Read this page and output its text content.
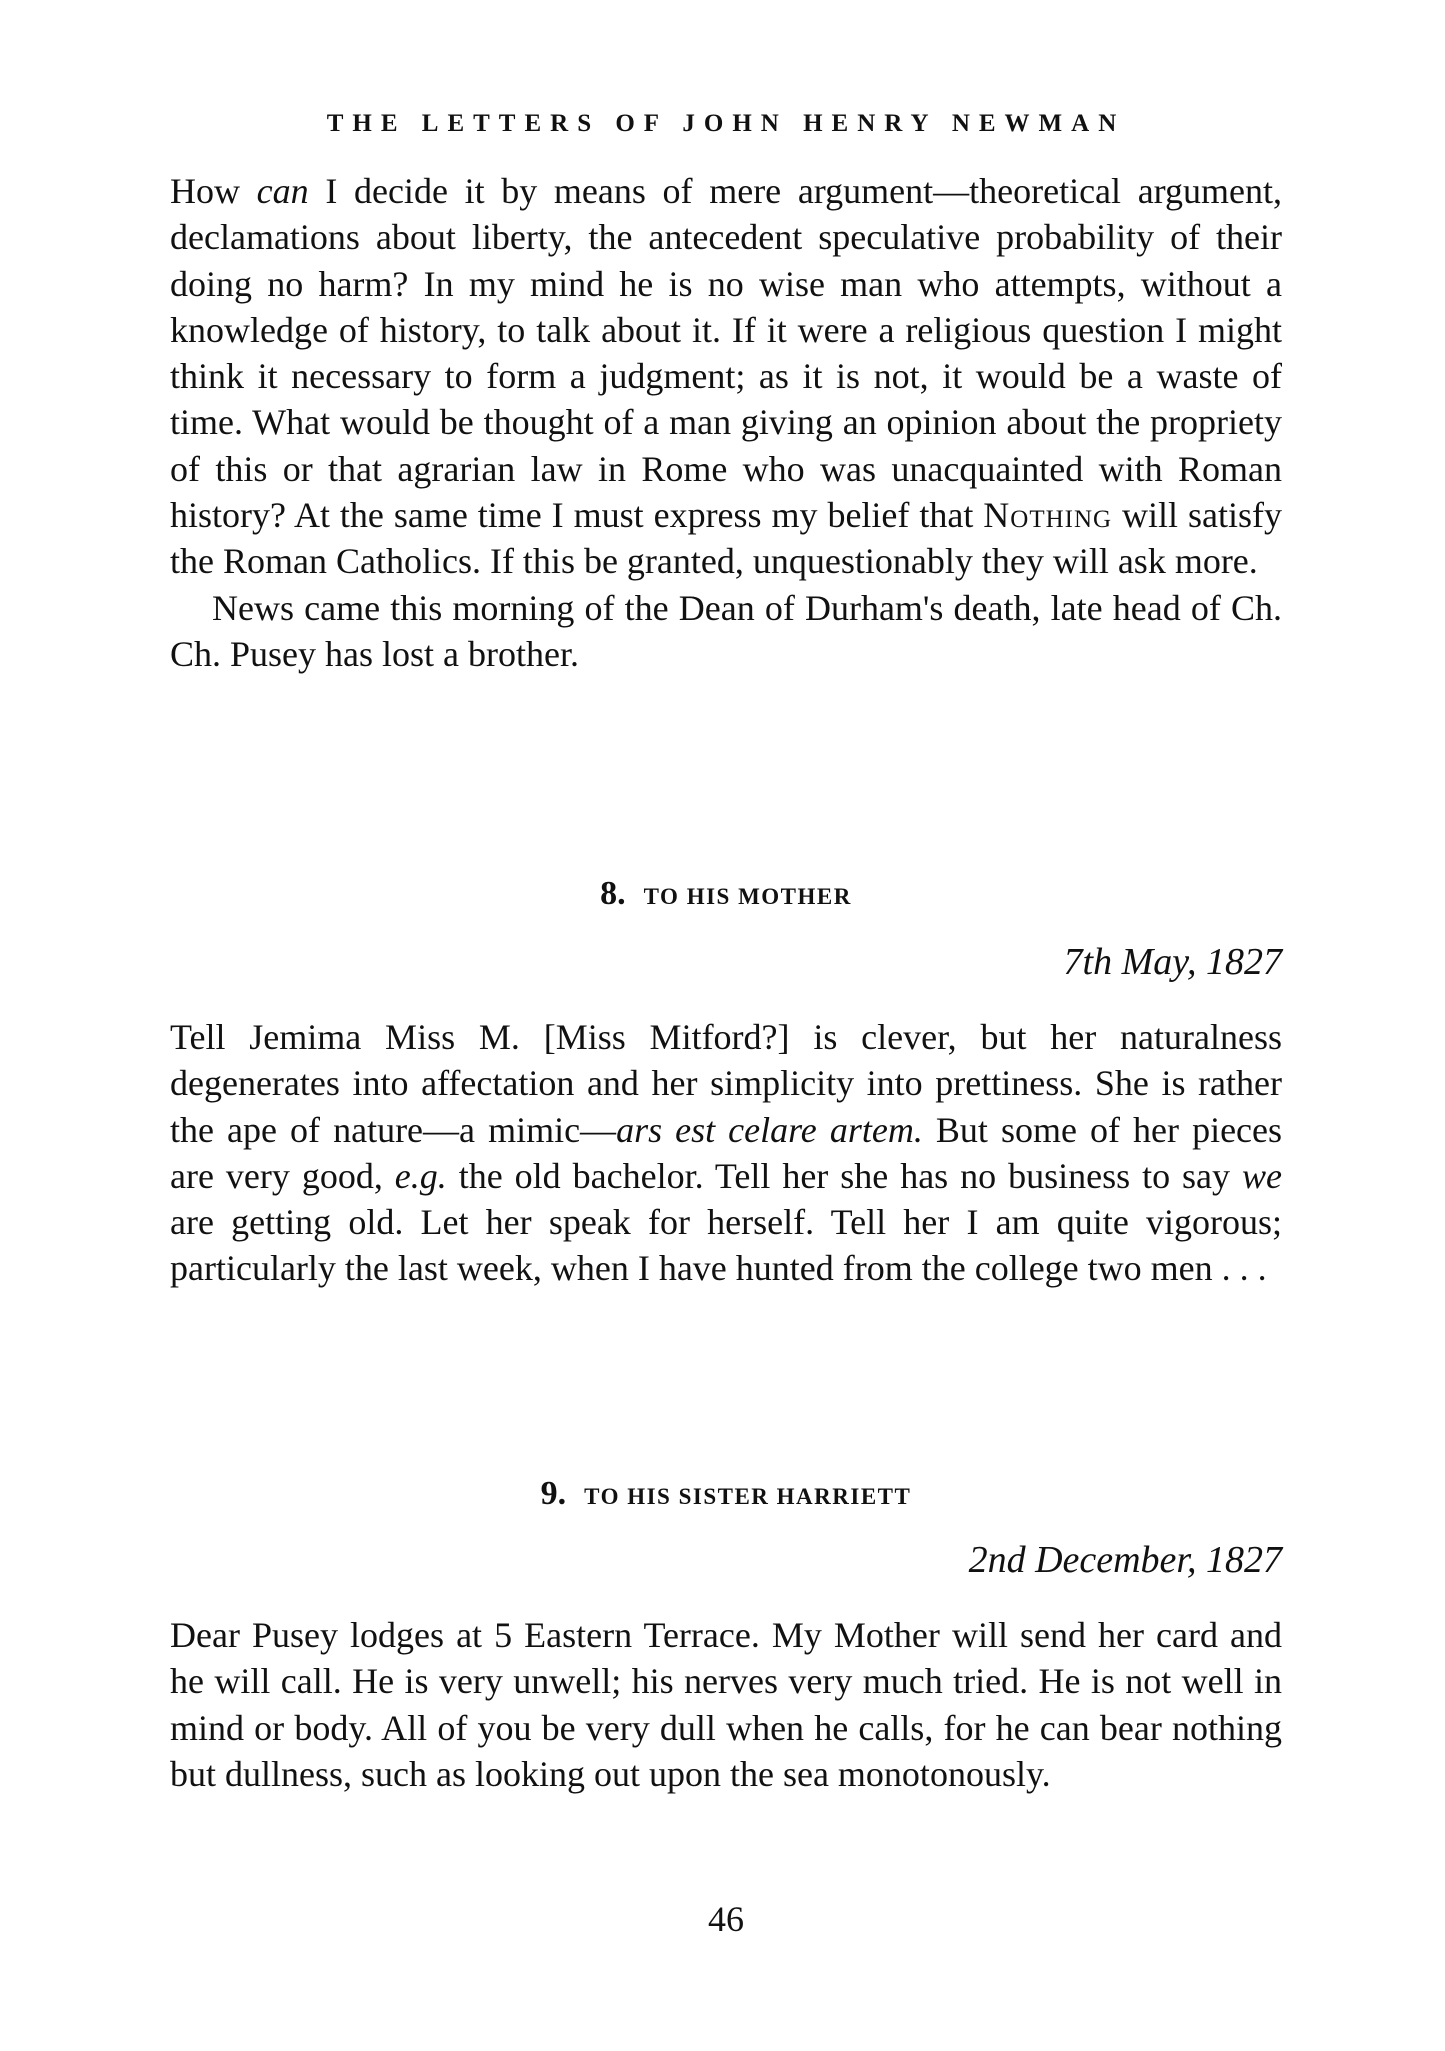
THE LETTERS OF JOHN HENRY NEWMAN

How can I decide it by means of mere argument—theoretical argument, declamations about liberty, the antecedent speculative probability of their doing no harm? In my mind he is no wise man who attempts, without a knowledge of history, to talk about it. If it were a religious question I might think it necessary to form a judgment; as it is not, it would be a waste of time. What would be thought of a man giving an opinion about the propriety of this or that agrarian law in Rome who was unacquainted with Roman history? At the same time I must express my belief that Nothing will satisfy the Roman Catholics. If this be granted, unquestionably they will ask more.

News came this morning of the Dean of Durham's death, late head of Ch. Ch. Pusey has lost a brother.

8. TO HIS MOTHER
7th May, 1827

Tell Jemima Miss M. [Miss Mitford?] is clever, but her naturalness degenerates into affectation and her simplicity into prettiness. She is rather the ape of nature—a mimic—ars est celare artem. But some of her pieces are very good, e.g. the old bachelor. Tell her she has no business to say we are getting old. Let her speak for herself. Tell her I am quite vigorous; particularly the last week, when I have hunted from the college two men . . .

9. TO HIS SISTER HARRIETT
2nd December, 1827

Dear Pusey lodges at 5 Eastern Terrace. My Mother will send her card and he will call. He is very unwell; his nerves very much tried. He is not well in mind or body. All of you be very dull when he calls, for he can bear nothing but dullness, such as looking out upon the sea monotonously.

46
